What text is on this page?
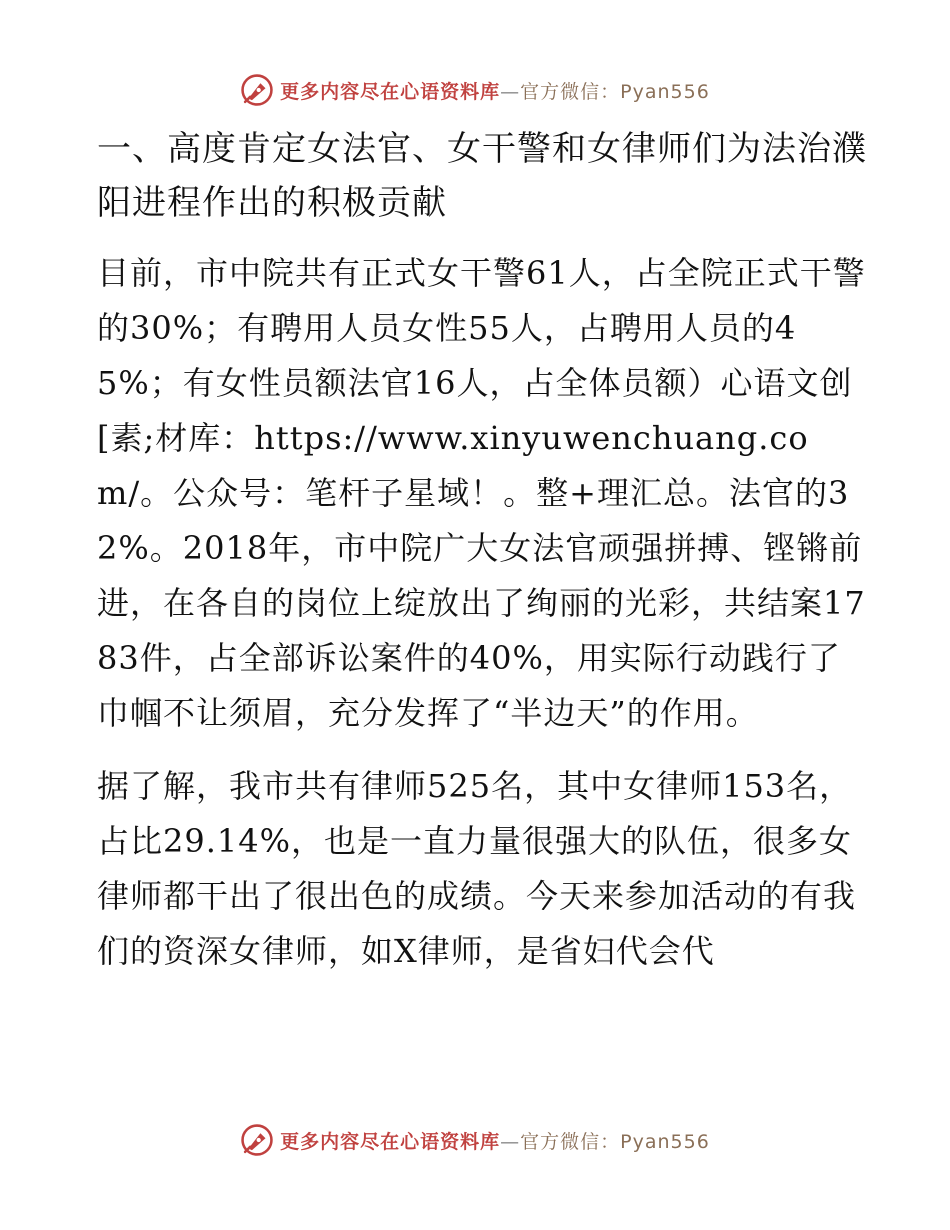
更多内容尽在心语资料库—官方微信：Pyan556
一、高度肯定女法官、女干警和女律师们为法治濮阳进程作出的积极贡献

目前，市中院共有正式女干警61人，占全院正式干警的30%；有聘用人员女性55人，占聘用人员的45%；有女性员额法官16人，占全体员额）心语文创[素;材库：https://www.xinyuwenchuang.com/。公众号：笔杆子星域！。整+理汇总。法官的32%。2018年，市中院广大女法官顽强拼搏、铿锵前进，在各自的岗位上绽放出了绚丽的光彩，共结案1783件，占全部诉讼案件的40%，用实际行动践行了巾帼不让须眉，充分发挥了“半边天”的作用。

据了解，我市共有律师525名，其中女律师153名，占比29.14%，也是一直力量很强大的队伍，很多女律师都干出了很出色的成绩。今天来参加活动的有我们的资深女律师，如X律师，是省妇代会代

更多内容尽在心语资料库—官方微信：Pyan556
